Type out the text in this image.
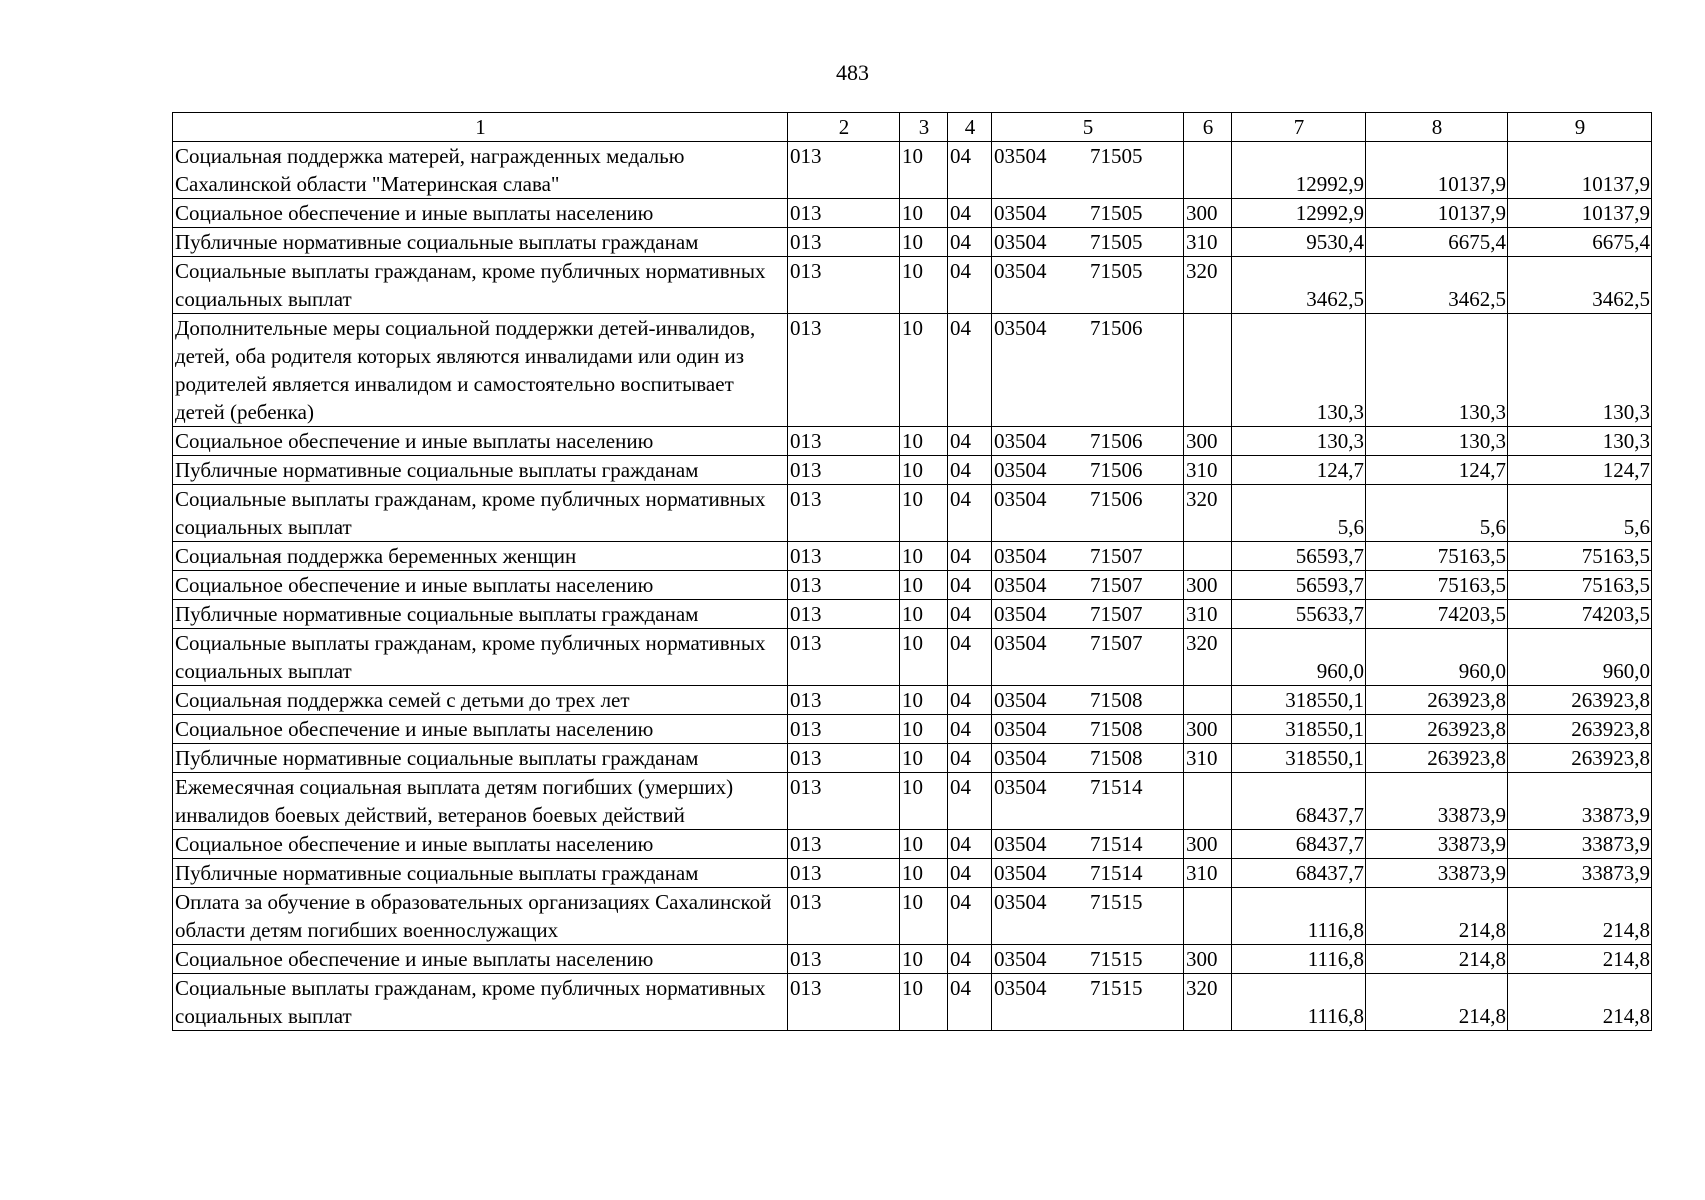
483
1	2	3	4	5	6	7	8	9
Социальная поддержка матерей, награжденных медалью Сахалинской области "Материнская слава"	013	10	04	03504 71505		12992,9	10137,9	10137,9
Социальное обеспечение и иные выплаты населению	013	10	04	03504 71505	300	12992,9	10137,9	10137,9
Публичные нормативные социальные выплаты гражданам	013	10	04	03504 71505	310	9530,4	6675,4	6675,4
Социальные выплаты гражданам, кроме публичных нормативных социальных выплат	013	10	04	03504 71505	320	3462,5	3462,5	3462,5
Дополнительные меры социальной поддержки детей-инвалидов, детей, оба родителя которых являются инвалидами или один из родителей является инвалидом и самостоятельно воспитывает детей (ребенка)	013	10	04	03504 71506		130,3	130,3	130,3
Социальное обеспечение и иные выплаты населению	013	10	04	03504 71506	300	130,3	130,3	130,3
Публичные нормативные социальные выплаты гражданам	013	10	04	03504 71506	310	124,7	124,7	124,7
Социальные выплаты гражданам, кроме публичных нормативных социальных выплат	013	10	04	03504 71506	320	5,6	5,6	5,6
Социальная поддержка беременных женщин	013	10	04	03504 71507		56593,7	75163,5	75163,5
Социальное обеспечение и иные выплаты населению	013	10	04	03504 71507	300	56593,7	75163,5	75163,5
Публичные нормативные социальные выплаты гражданам	013	10	04	03504 71507	310	55633,7	74203,5	74203,5
Социальные выплаты гражданам, кроме публичных нормативных социальных выплат	013	10	04	03504 71507	320	960,0	960,0	960,0
Социальная поддержка семей с детьми до трех лет	013	10	04	03504 71508		318550,1	263923,8	263923,8
Социальное обеспечение и иные выплаты населению	013	10	04	03504 71508	300	318550,1	263923,8	263923,8
Публичные нормативные социальные выплаты гражданам	013	10	04	03504 71508	310	318550,1	263923,8	263923,8
Ежемесячная социальная выплата детям погибших (умерших) инвалидов боевых действий, ветеранов боевых действий	013	10	04	03504 71514		68437,7	33873,9	33873,9
Социальное обеспечение и иные выплаты населению	013	10	04	03504 71514	300	68437,7	33873,9	33873,9
Публичные нормативные социальные выплаты гражданам	013	10	04	03504 71514	310	68437,7	33873,9	33873,9
Оплата за обучение в образовательных организациях Сахалинской области детям погибших военнослужащих	013	10	04	03504 71515		1116,8	214,8	214,8
Социальное обеспечение и иные выплаты населению	013	10	04	03504 71515	300	1116,8	214,8	214,8
Социальные выплаты гражданам, кроме публичных нормативных социальных выплат	013	10	04	03504 71515	320	1116,8	214,8	214,8
